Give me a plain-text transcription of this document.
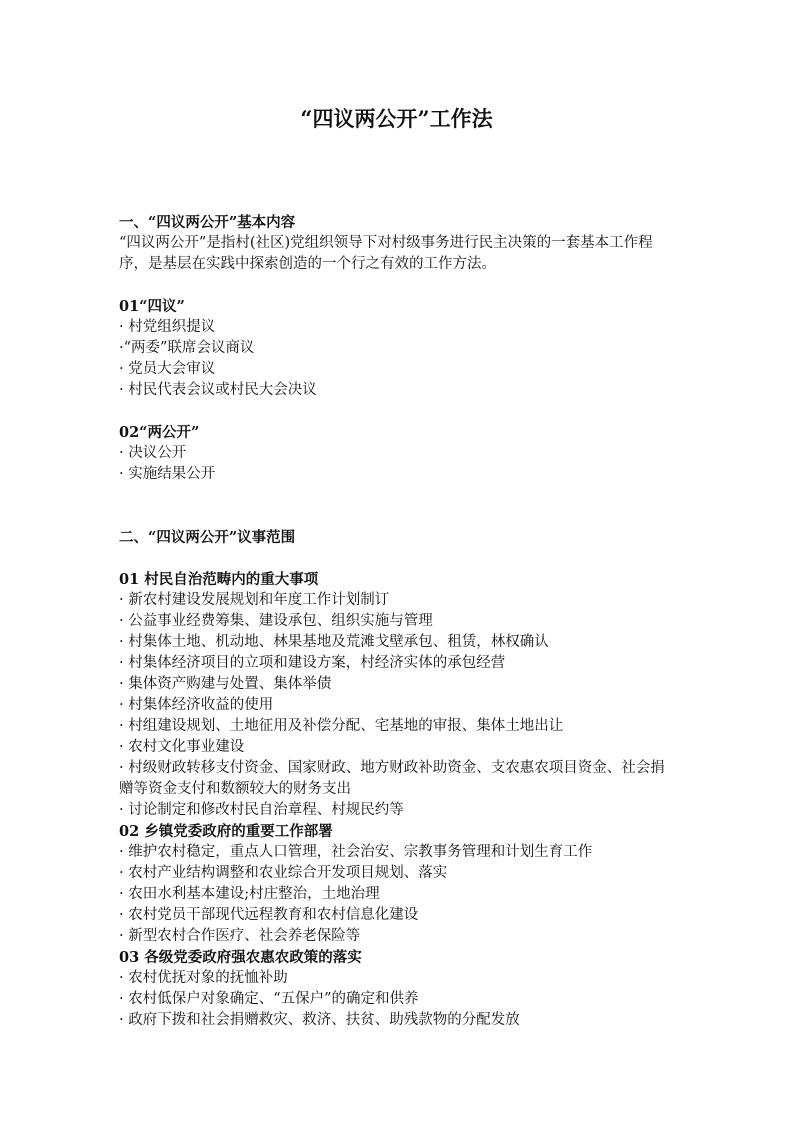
“四议两公开”工作法
一、“四议两公开”基本内容
“四议两公开”是指村(社区)党组织领导下对村级事务进行民主决策的一套基本工作程序，是基层在实践中探索创造的一个行之有效的工作方法。
01“四议”
· 村党组织提议
·“两委”联席会议商议
· 党员大会审议
· 村民代表会议或村民大会决议
02“两公开”
· 决议公开
· 实施结果公开
二、“四议两公开”议事范围
01 村民自治范畴内的重大事项
· 新农村建设发展规划和年度工作计划制订
· 公益事业经费筹集、建设承包、组织实施与管理
· 村集体土地、机动地、林果基地及荒滩戈壁承包、租赁，林权确认
· 村集体经济项目的立项和建设方案，村经济实体的承包经营
· 集体资产购建与处置、集体举债
· 村集体经济收益的使用
· 村组建设规划、土地征用及补偿分配、宅基地的审报、集体土地出让
· 农村文化事业建设
· 村级财政转移支付资金、国家财政、地方财政补助资金、支农惠农项目资金、社会捐赠等资金支付和数额较大的财务支出
· 讨论制定和修改村民自治章程、村规民约等
02 乡镇党委政府的重要工作部署
· 维护农村稳定，重点人口管理，社会治安、宗教事务管理和计划生育工作
· 农村产业结构调整和农业综合开发项目规划、落实
· 农田水利基本建设;村庄整治，土地治理
· 农村党员干部现代远程教育和农村信息化建设
· 新型农村合作医疗、社会养老保险等
03 各级党委政府强农惠农政策的落实
· 农村优抚对象的抚恤补助
· 农村低保户对象确定、“五保户”的确定和供养
· 政府下拨和社会捐赠救灾、救济、扶贫、助残款物的分配发放
